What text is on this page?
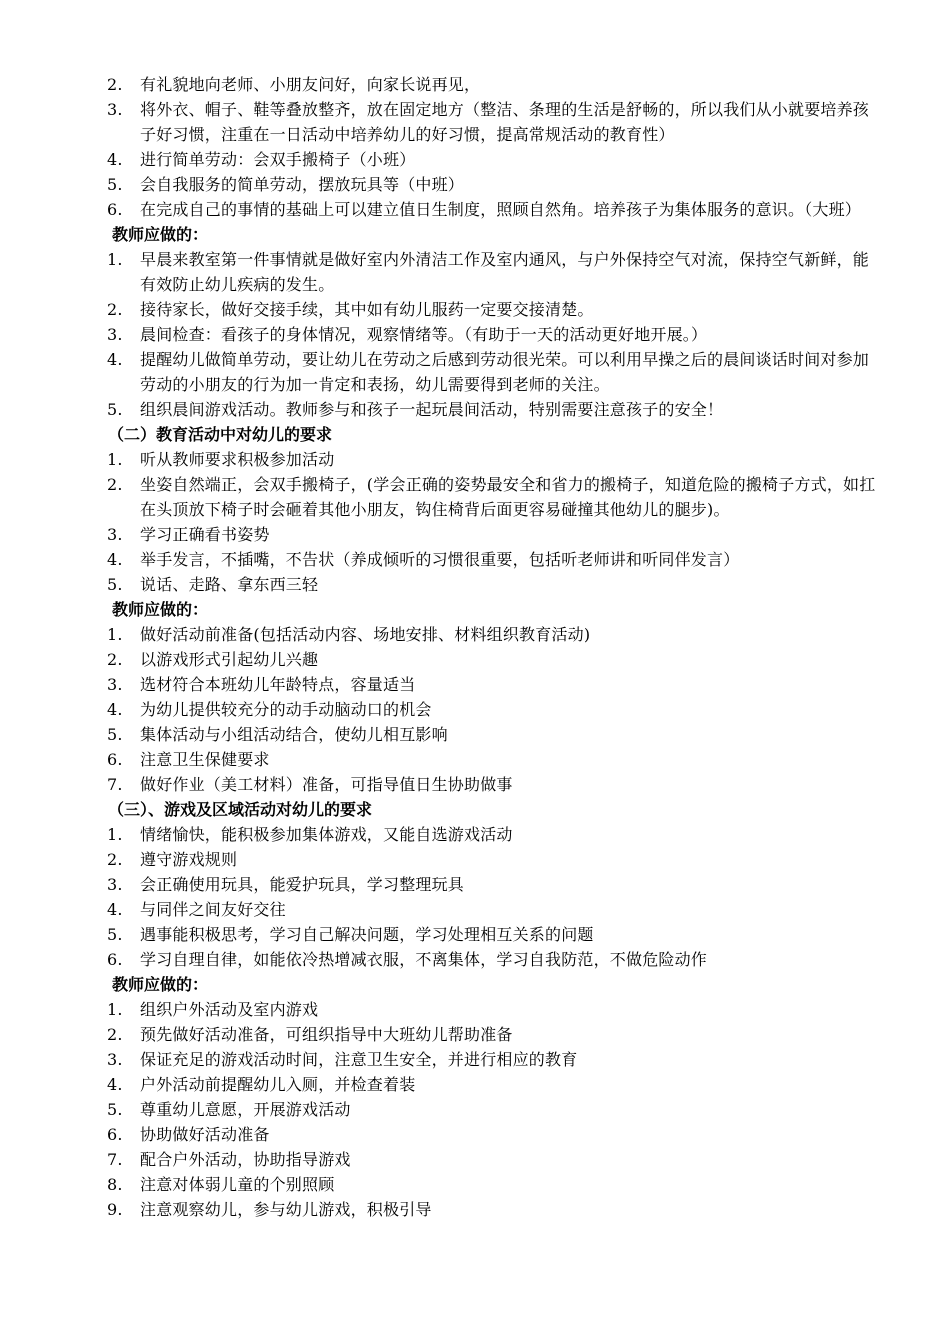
2. 有礼貌地向老师、小朋友问好，向家长说再见，
3. 将外衣、帽子、鞋等叠放整齐，放在固定地方（整洁、条理的生活是舒畅的，所以我们从小就要培养孩子好习惯，注重在一日活动中培养幼儿的好习惯，提高常规活动的教育性）
4. 进行简单劳动：会双手搬椅子（小班）
5. 会自我服务的简单劳动，摆放玩具等（中班）
6. 在完成自己的事情的基础上可以建立值日生制度，照顾自然角。培养孩子为集体服务的意识。（大班）
教师应做的：
1. 早晨来教室第一件事情就是做好室内外清洁工作及室内通风，与户外保持空气对流，保持空气新鲜，能有效防止幼儿疾病的发生。
2. 接待家长，做好交接手续，其中如有幼儿服药一定要交接清楚。
3. 晨间检查：看孩子的身体情况，观察情绪等。（有助于一天的活动更好地开展。）
4. 提醒幼儿做简单劳动，要让幼儿在劳动之后感到劳动很光荣。可以利用早操之后的晨间谈话时间对参加劳动的小朋友的行为加一肯定和表扬，幼儿需要得到老师的关注。
5. 组织晨间游戏活动。教师参与和孩子一起玩晨间活动，特别需要注意孩子的安全！
（二）教育活动中对幼儿的要求
1. 听从教师要求积极参加活动
2. 坐姿自然端正，会双手搬椅子，(学会正确的姿势最安全和省力的搬椅子，知道危险的搬椅子方式，如扛在头顶放下椅子时会砸着其他小朋友，钩住椅背后面更容易碰撞其他幼儿的腿步)。
3. 学习正确看书姿势
4. 举手发言，不插嘴，不告状（养成倾听的习惯很重要，包括听老师讲和听同伴发言）
5. 说话、走路、拿东西三轻
教师应做的：
1. 做好活动前准备(包括活动内容、场地安排、材料组织教育活动)
2. 以游戏形式引起幼儿兴趣
3. 选材符合本班幼儿年龄特点，容量适当
4. 为幼儿提供较充分的动手动脑动口的机会
5. 集体活动与小组活动结合，使幼儿相互影响
6. 注意卫生保健要求
7. 做好作业（美工材料）准备，可指导值日生协助做事
（三）、游戏及区域活动对幼儿的要求
1. 情绪愉快，能积极参加集体游戏，又能自选游戏活动
2. 遵守游戏规则
3. 会正确使用玩具，能爱护玩具，学习整理玩具
4. 与同伴之间友好交往
5. 遇事能积极思考，学习自己解决问题，学习处理相互关系的问题
6. 学习自理自律，如能依冷热增减衣服，不离集体，学习自我防范，不做危险动作
教师应做的：
1. 组织户外活动及室内游戏
2. 预先做好活动准备，可组织指导中大班幼儿帮助准备
3. 保证充足的游戏活动时间，注意卫生安全，并进行相应的教育
4. 户外活动前提醒幼儿入厕，并检查着装
5. 尊重幼儿意愿，开展游戏活动
6. 协助做好活动准备
7. 配合户外活动，协助指导游戏
8. 注意对体弱儿童的个别照顾
9. 注意观察幼儿，参与幼儿游戏，积极引导
